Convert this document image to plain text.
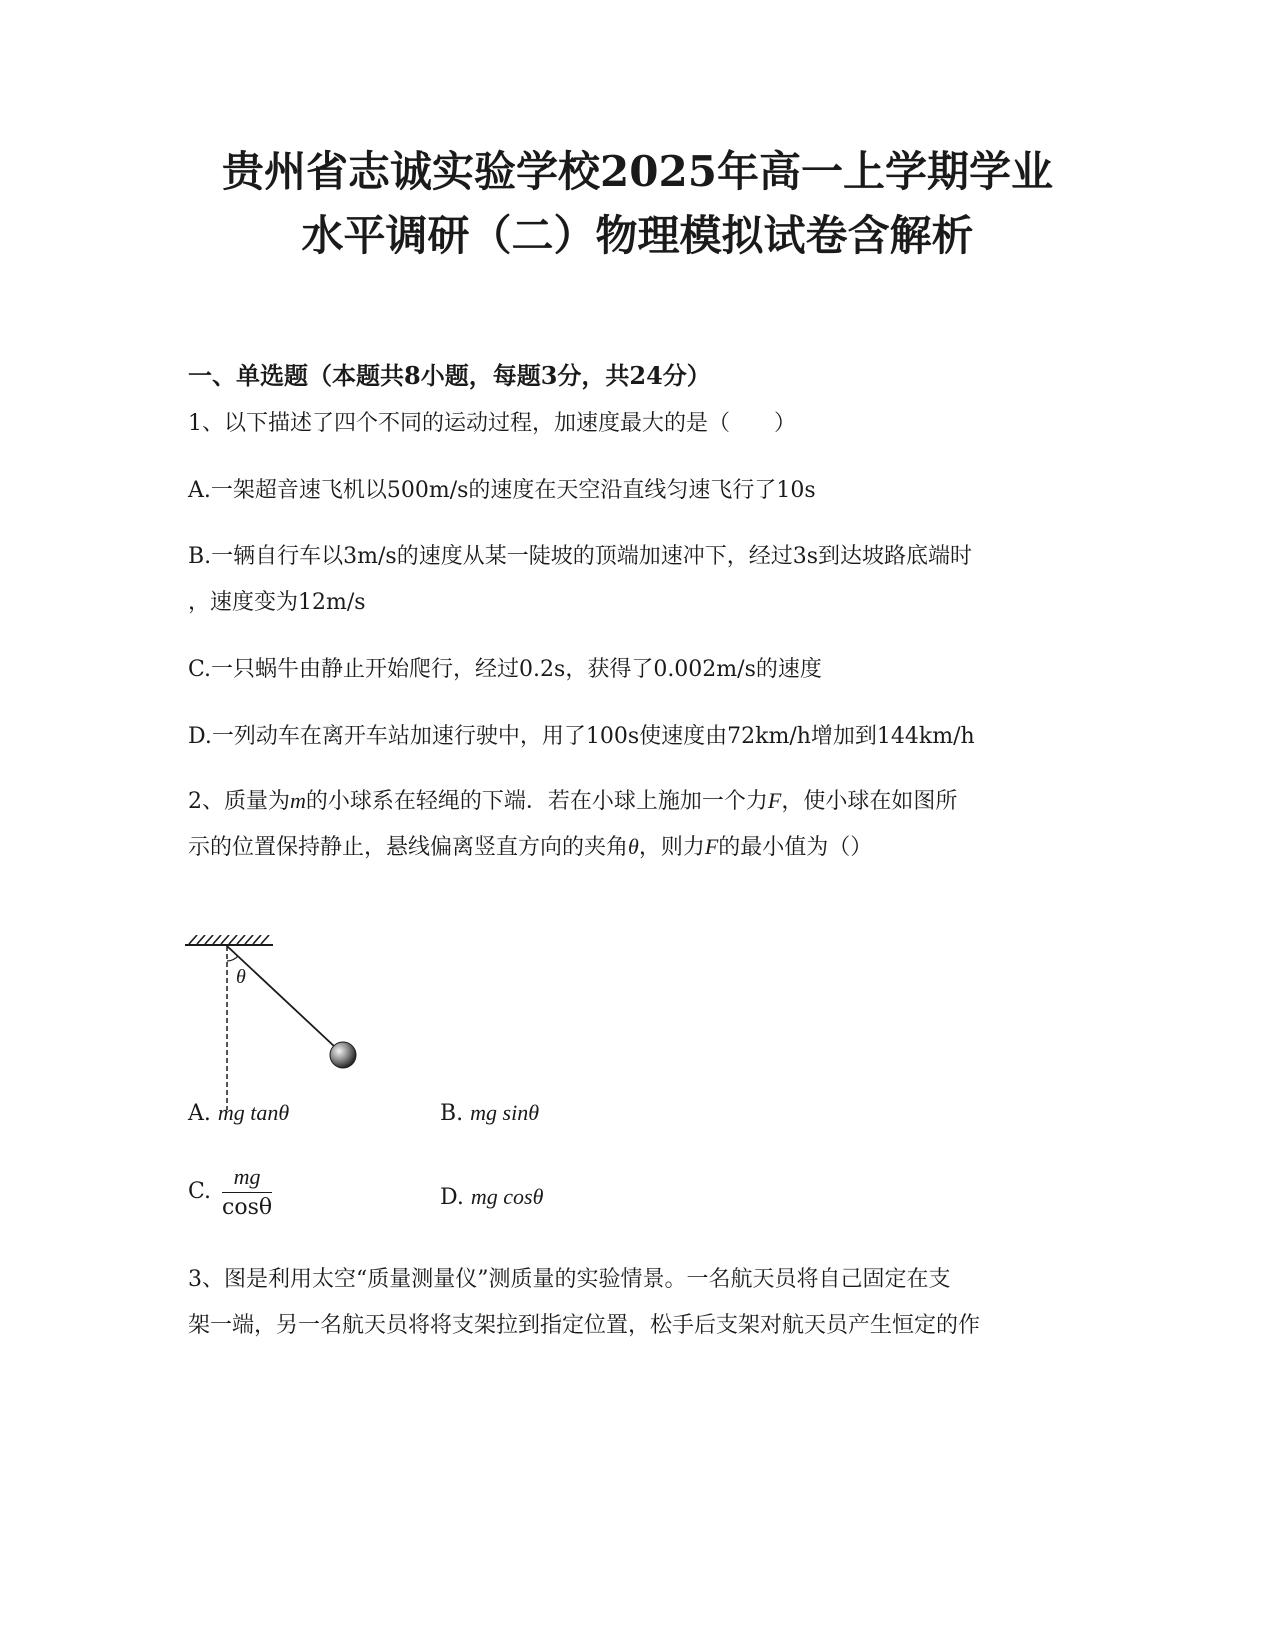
贵州省志诚实验学校2025年高一上学期学业
水平调研（二）物理模拟试卷含解析
一、单选题（本题共8小题，每题3分，共24分）
1、以下描述了四个不同的运动过程，加速度最大的是（　　）
A.一架超音速飞机以500m/s的速度在天空沿直线匀速飞行了10s
B.一辆自行车以3m/s的速度从某一陡坡的顶端加速冲下，经过3s到达坡路底端时
，速度变为12m/s
C.一只蜗牛由静止开始爬行，经过0.2s，获得了0.002m/s的速度
D.一列动车在离开车站加速行驶中，用了100s使速度由72km/h增加到144km/h
2、质量为m的小球系在轻绳的下端．若在小球上施加一个力F，使小球在如图所
示的位置保持静止，悬线偏离竖直方向的夹角θ，则力F的最小值为（）
θ
A. mg tanθ	B. mg sinθ
C. $\frac{mg}{\cos\theta}$	D. mg cosθ
3、图是利用太空“质量测量仪”测质量的实验情景。一名航天员将自己固定在支
架一端，另一名航天员将将支架拉到指定位置，松手后支架对航天员产生恒定的作
